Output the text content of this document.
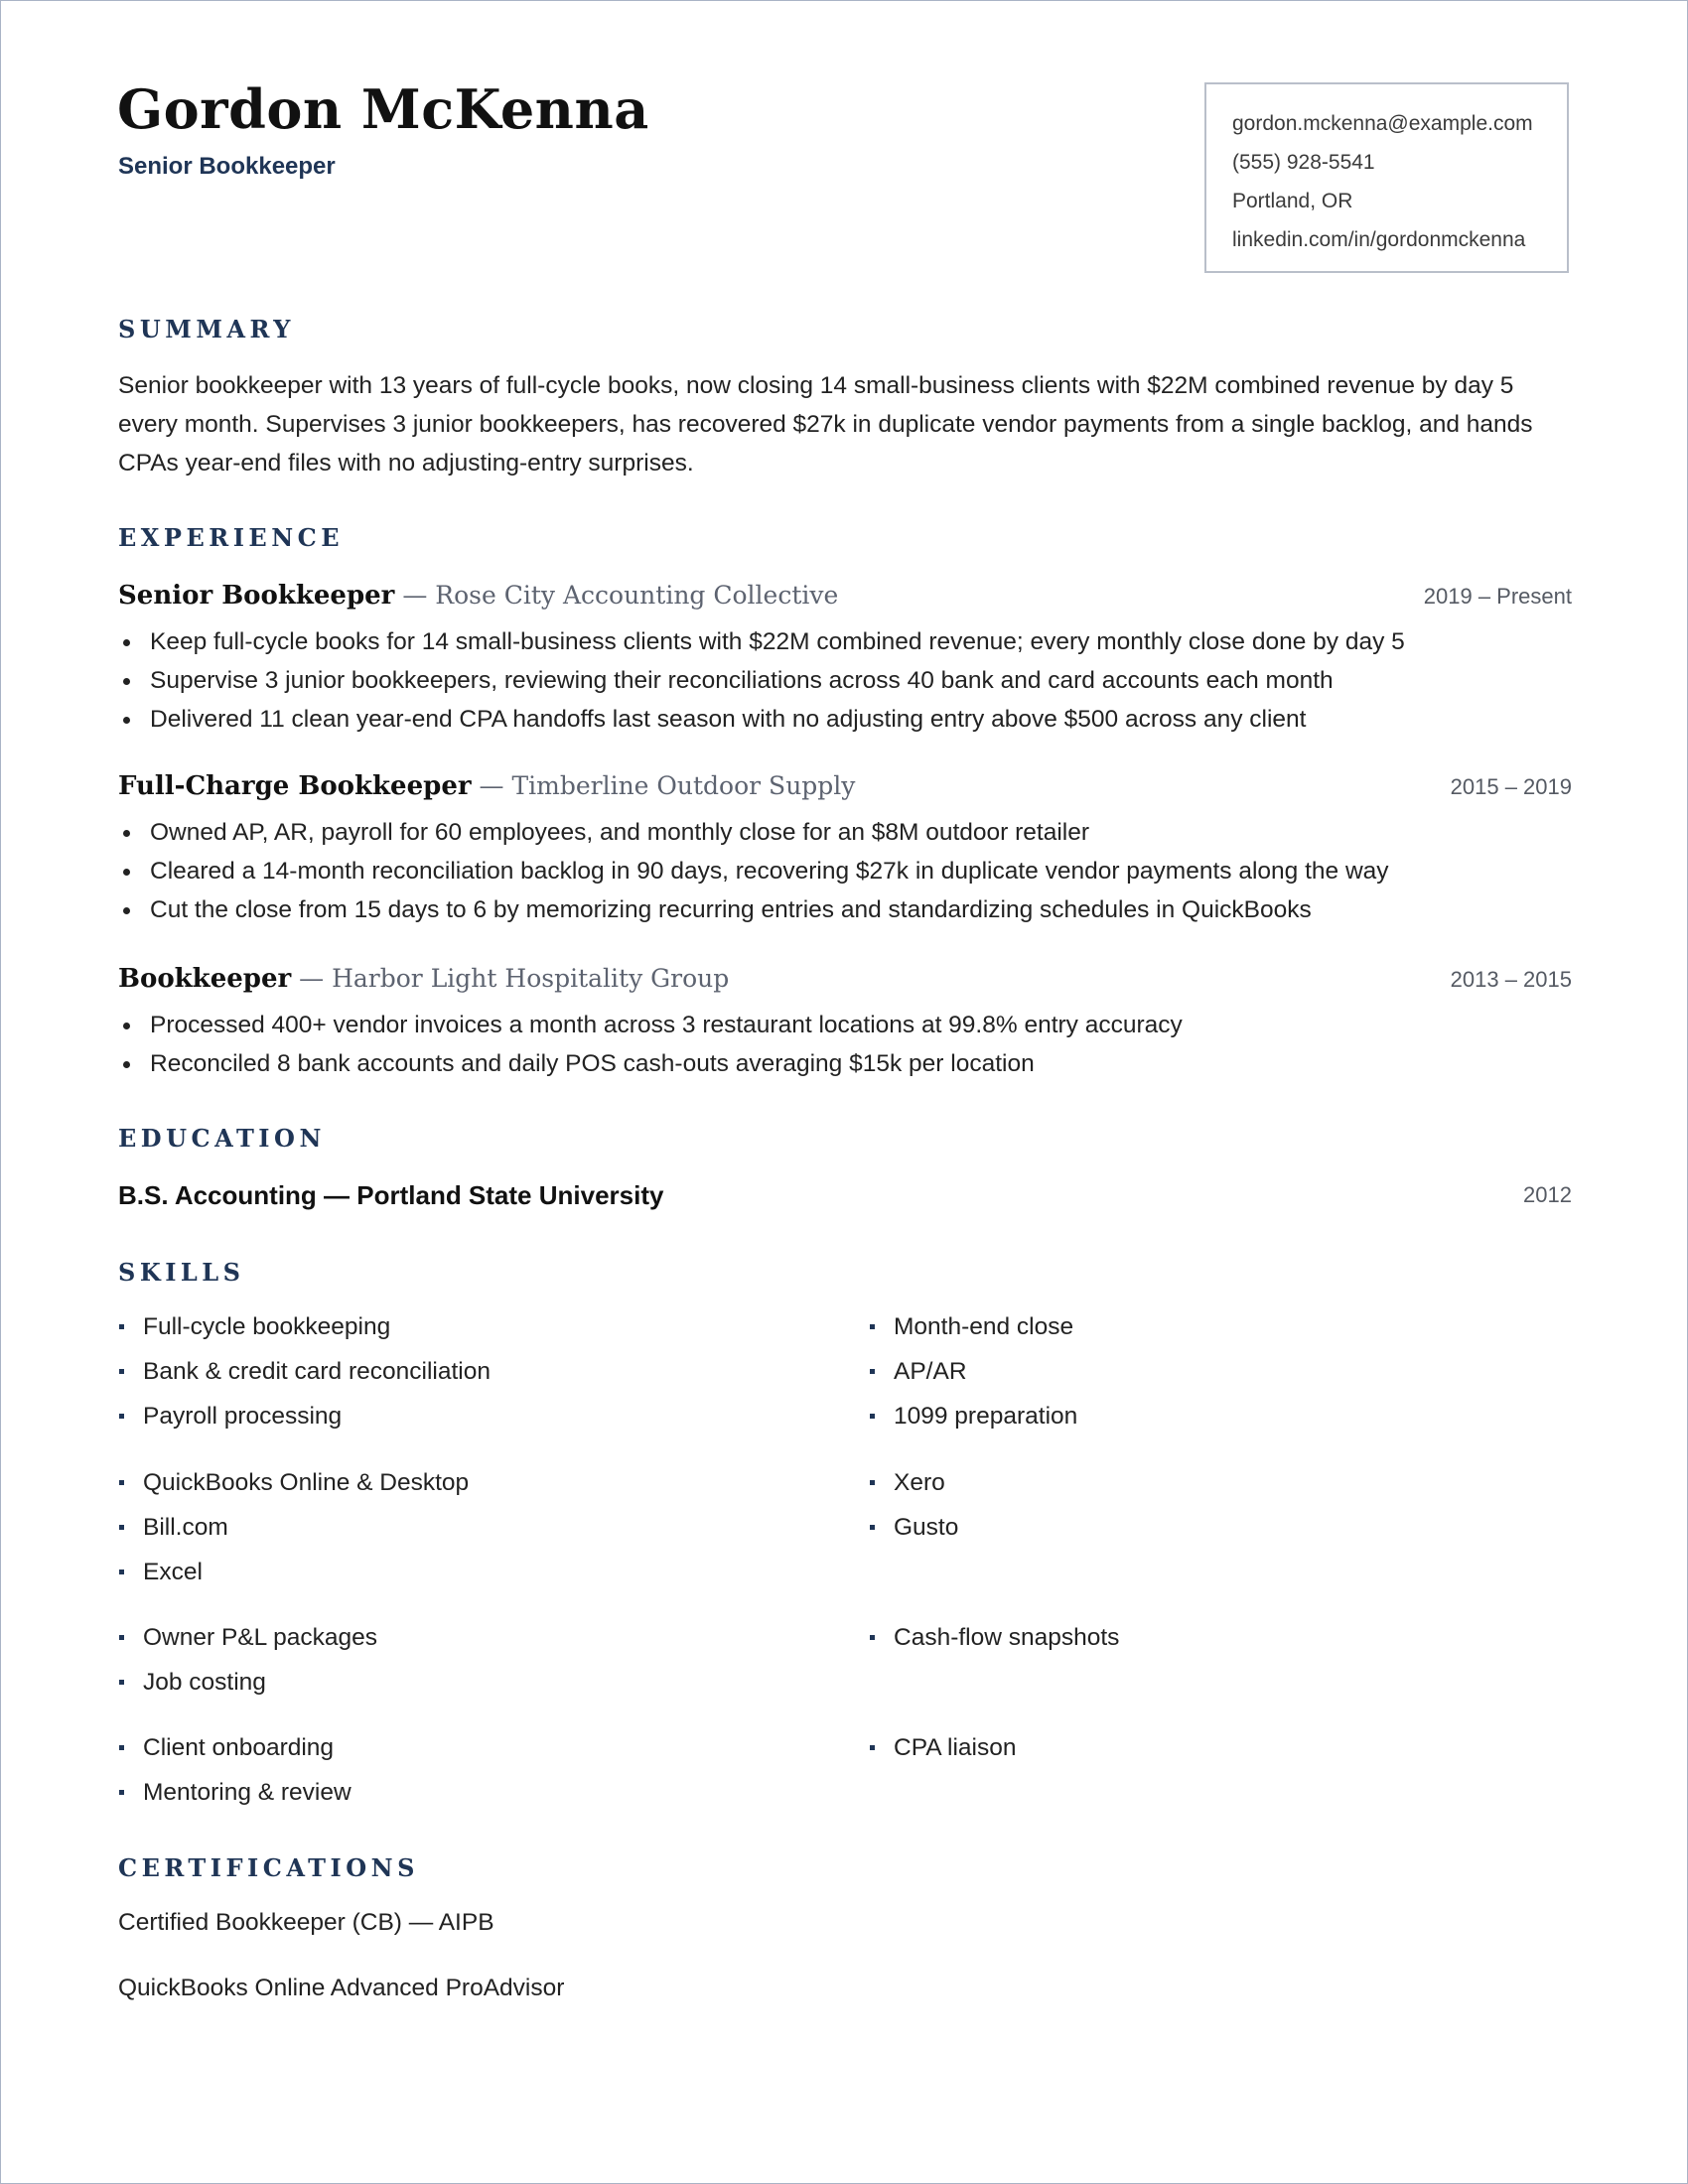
Gordon McKenna
Senior Bookkeeper
gordon.mckenna@example.com
(555) 928-5541
Portland, OR
linkedin.com/in/gordonmckenna
SUMMARY

Senior bookkeeper with 13 years of full-cycle books, now closing 14 small-business clients with $22M combined revenue by day 5 every month. Supervises 3 junior bookkeepers, has recovered $27k in duplicate vendor payments from a single backlog, and hands CPAs year-end files with no adjusting-entry surprises.

EXPERIENCE
Senior Bookkeeper — Rose City Accounting Collective	2019 – Present
Keep full-cycle books for 14 small-business clients with $22M combined revenue; every monthly close done by day 5
Supervise 3 junior bookkeepers, reviewing their reconciliations across 40 bank and card accounts each month
Delivered 11 clean year-end CPA handoffs last season with no adjusting entry above $500 across any client
Full-Charge Bookkeeper — Timberline Outdoor Supply	2015 – 2019
Owned AP, AR, payroll for 60 employees, and monthly close for an $8M outdoor retailer
Cleared a 14-month reconciliation backlog in 90 days, recovering $27k in duplicate vendor payments along the way
Cut the close from 15 days to 6 by memorizing recurring entries and standardizing schedules in QuickBooks
Bookkeeper — Harbor Light Hospitality Group	2013 – 2015
Processed 400+ vendor invoices a month across 3 restaurant locations at 99.8% entry accuracy
Reconciled 8 bank accounts and daily POS cash-outs averaging $15k per location
EDUCATION
B.S. Accounting — Portland State University	2012
SKILLS
Full-cycle bookkeeping
Bank & credit card reconciliation
Payroll processing
Month-end close
AP/AR
1099 preparation
QuickBooks Online & Desktop
Bill.com
Excel
Xero
Gusto
Owner P&L packages
Job costing
Cash-flow snapshots
Client onboarding
Mentoring & review
CPA liaison
CERTIFICATIONS
Certified Bookkeeper (CB) — AIPB
QuickBooks Online Advanced ProAdvisor
